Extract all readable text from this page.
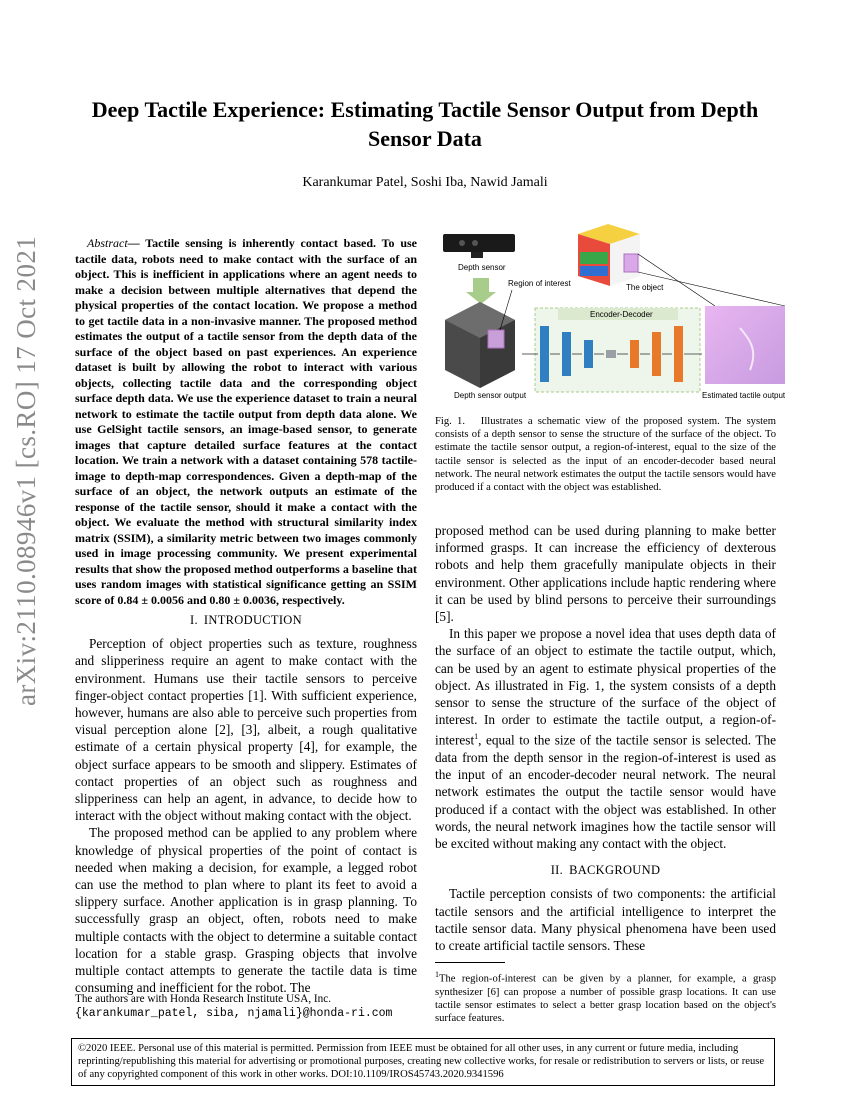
arXiv:2110.08946v1 [cs.RO] 17 Oct 2021
Deep Tactile Experience: Estimating Tactile Sensor Output from Depth Sensor Data
Karankumar Patel, Soshi Iba, Nawid Jamali

Abstract— Tactile sensing is inherently contact based. To use tactile data, robots need to make contact with the surface of an object. This is inefficient in applications where an agent needs to make a decision between multiple alternatives that depend the physical properties of the contact location. We propose a method to get tactile data in a non-invasive manner. The proposed method estimates the output of a tactile sensor from the depth data of the surface of the object based on past experiences. An experience dataset is built by allowing the robot to interact with various objects, collecting tactile data and the corresponding object surface depth data. We use the experience dataset to train a neural network to estimate the tactile output from depth data alone. We use GelSight tactile sensors, an image-based sensor, to generate images that capture detailed surface features at the contact location. We train a network with a dataset containing 578 tactile-image to depth-map correspondences. Given a depth-map of the surface of an object, the network outputs an estimate of the response of the tactile sensor, should it make a contact with the object. We evaluate the method with structural similarity index matrix (SSIM), a similarity metric between two images commonly used in image processing community. We present experimental results that show the proposed method outperforms a baseline that uses random images with statistical significance getting an SSIM score of 0.84 ± 0.0056 and 0.80 ± 0.0036, respectively.

I. INTRODUCTION

Perception of object properties such as texture, roughness and slipperiness require an agent to make contact with the environment. Humans use their tactile sensors to perceive finger-object contact properties [1]. With sufficient experience, however, humans are also able to perceive such properties from visual perception alone [2], [3], albeit, a rough qualitative estimate of a certain physical property [4], for example, the object surface appears to be smooth and slippery. Estimates of contact properties of an object such as roughness and slipperiness can help an agent, in advance, to decide how to interact with the object without making contact with the object.

The proposed method can be applied to any problem where knowledge of physical properties of the point of contact is needed when making a decision, for example, a legged robot can use the method to plan where to plant its feet to avoid a slippery surface. Another application is in grasp planning. To successfully grasp an object, often, robots need to make multiple contacts with the object to determine a suitable contact location for a stable grasp. Grasping objects that involve multiple contact attempts to generate the tactile data is time consuming and inefficient for the robot. The

The authors are with Honda Research Institute USA, Inc.
{karankumar_patel, siba, njamali}@honda-ri.com
Depth sensor
Depth sensor output
Region of interest	The object
Encoder-Decoder
Estimated tactile output
Fig. 1. Illustrates a schematic view of the proposed system. The system consists of a depth sensor to sense the structure of the surface of the object. To estimate the tactile sensor output, a region-of-interest, equal to the size of the tactile sensor is selected as the input of an encoder-decoder based neural network. The neural network estimates the output the tactile sensors would have produced if a contact with the object was established.

proposed method can be used during planning to make better informed grasps. It can increase the efficiency of dexterous robots and help them gracefully manipulate objects in their environment. Other applications include haptic rendering where it can be used by blind persons to perceive their surroundings [5].

In this paper we propose a novel idea that uses depth data of the surface of an object to estimate the tactile output, which, can be used by an agent to estimate physical properties of the object. As illustrated in Fig. 1, the system consists of a depth sensor to sense the structure of the surface of the object of interest. In order to estimate the tactile output, a region-of-interest$^1$, equal to the size of the tactile sensor is selected. The data from the depth sensor in the region-of-interest is used as the input of an encoder-decoder neural network. The neural network estimates the output the tactile sensor would have produced if a contact with the object was established. In other words, the neural network imagines how the tactile sensor will be excited without making any contact with the object.

II. BACKGROUND

Tactile perception consists of two components: the artificial tactile sensors and the artificial intelligence to interpret the tactile sensor data. Many physical phenomena have been used to create artificial tactile sensors. These

$^1$The region-of-interest can be given by a planner, for example, a grasp synthesizer [6] can propose a number of possible grasp locations. It can use tactile sensor estimates to select a better grasp location based on the object's surface features.
©2020 IEEE. Personal use of this material is permitted. Permission from IEEE must be obtained for all other uses, in any current or future media, including reprinting/republishing this material for advertising or promotional purposes, creating new collective works, for resale or redistribution to servers or lists, or reuse of any copyrighted component of this work in other works. DOI:10.1109/IROS45743.2020.9341596
